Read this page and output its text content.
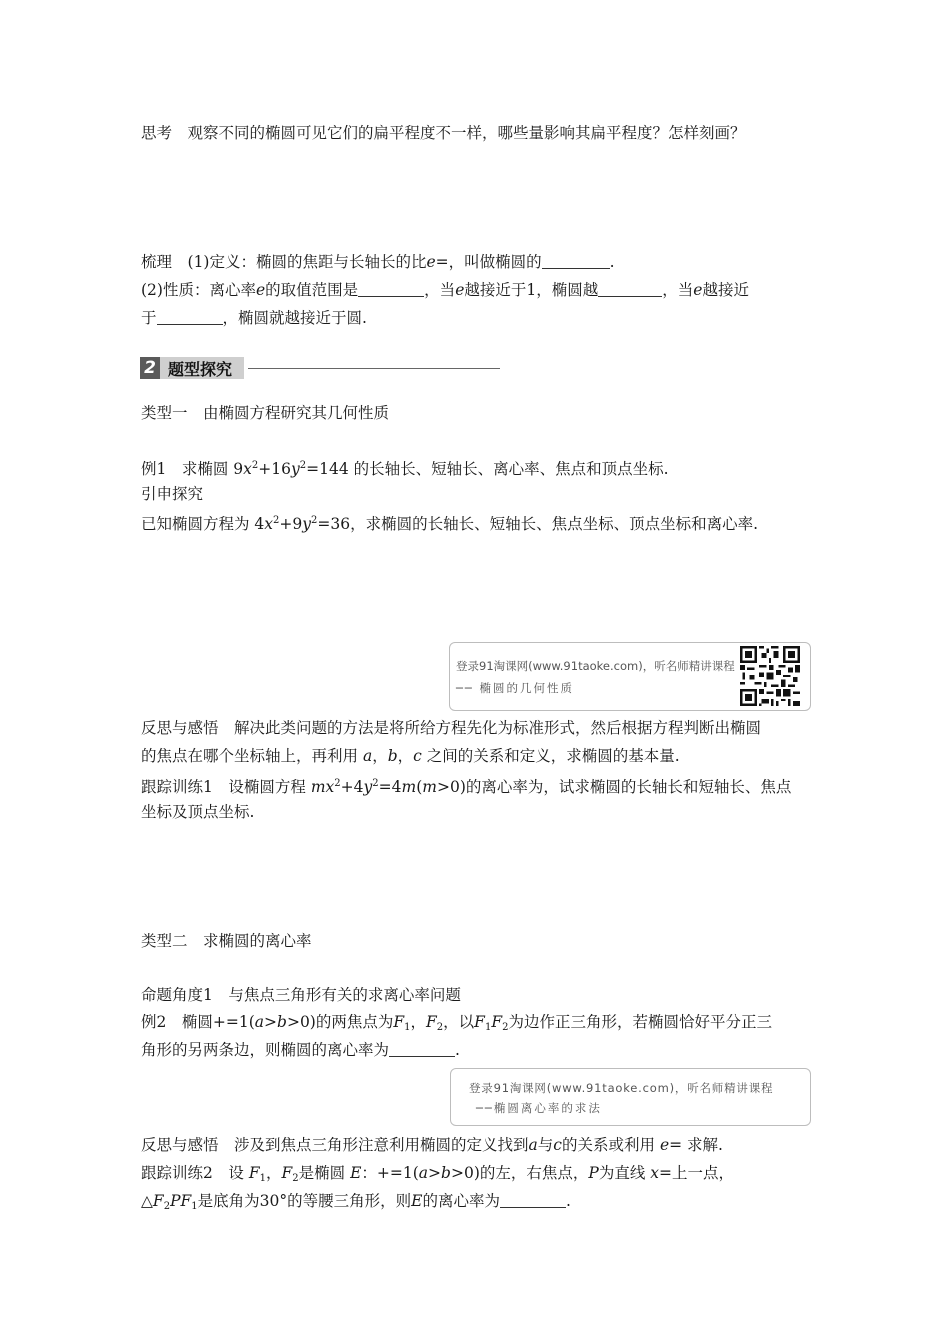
思考  观察不同的椭圆可见它们的扁平程度不一样，哪些量影响其扁平程度？怎样刻画？
梳理  (1)定义：椭圆的焦距与长轴长的比e=，叫做椭圆的	.
(2)性质：离心率e的取值范围是	，当e越接近于1，椭圆越	，当e越接近
于	，椭圆就越接近于圆.
2 题型探究
类型一　由椭圆方程研究其几何性质
例1  求椭圆 $9x^2+16y^2=144$ 的长轴长、短轴长、离心率、焦点和顶点坐标.
引申探究
已知椭圆方程为 $4x^2+9y^2=36$，求椭圆的长轴长、短轴长、焦点坐标、顶点坐标和离心率.
登录91淘课网(www.91taoke.com)，听名师精讲课程
── 椭圆的几何性质
反思与感悟  解决此类问题的方法是将所给方程先化为标准形式，然后根据方程判断出椭圆
的焦点在哪个坐标轴上，再利用 a，b，c 之间的关系和定义，求椭圆的基本量.
跟踪训练1  设椭圆方程 $mx^2+4y^2=4m(m>0)$的离心率为，试求椭圆的长轴长和短轴长、焦点
坐标及顶点坐标.
类型二　求椭圆的离心率
命题角度1　与焦点三角形有关的求离心率问题
例2  椭圆+=1(a>b>0)的两焦点为$F_1$，$F_2$，以$F_1F_2$为边作正三角形，若椭圆恰好平分正三
角形的另两条边，则椭圆的离心率为	.
登录91淘课网(www.91taoke.com)，听名师精讲课程
──椭圆离心率的求法
反思与感悟  涉及到焦点三角形注意利用椭圆的定义找到a与c的关系或利用 e= 求解.
跟踪训练2  设 $F_1$，$F_2$是椭圆 E：+=1(a>b>0)的左，右焦点，P为直线 x=上一点，
$\triangle F_2PF_1$是底角为30°的等腰三角形，则E的离心率为	.
